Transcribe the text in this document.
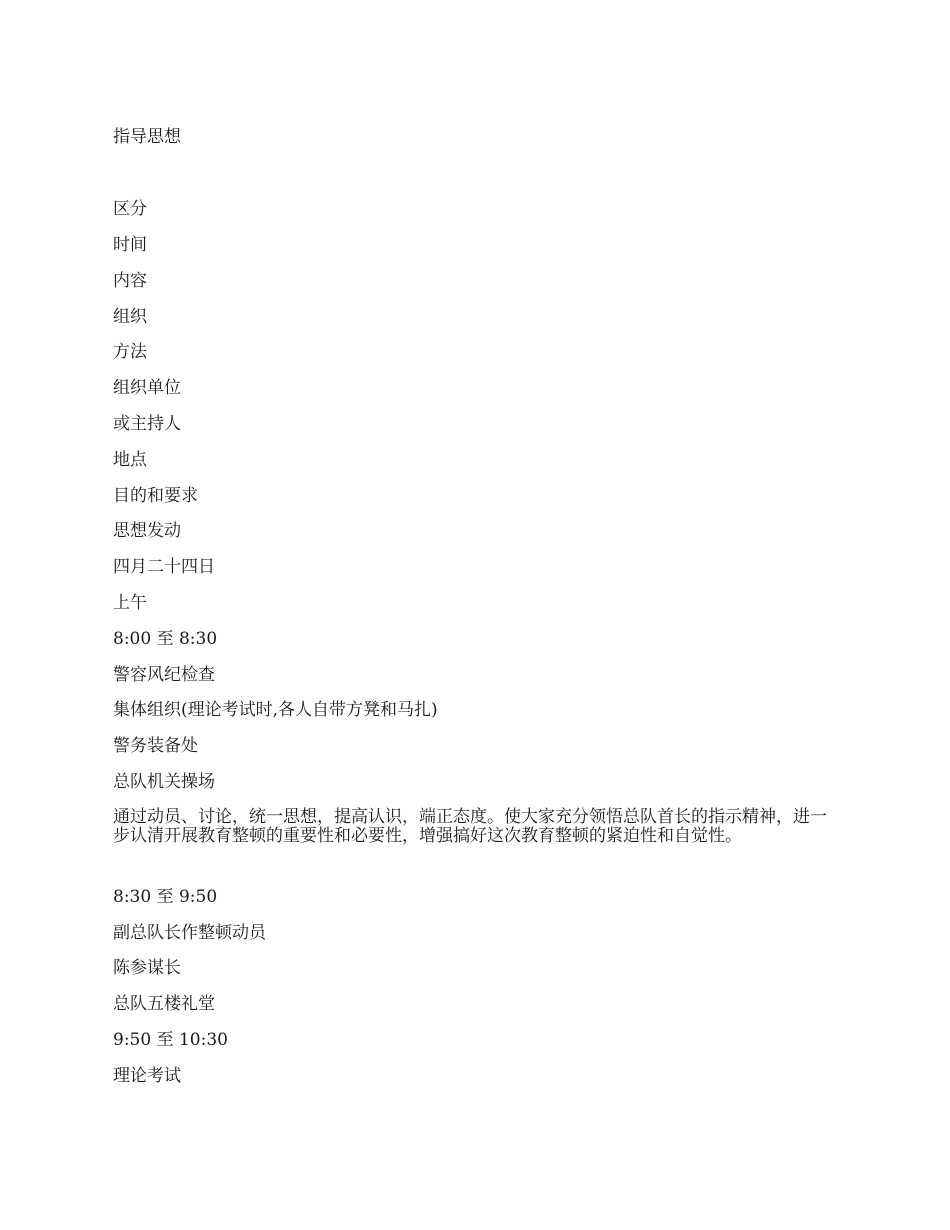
指导思想
区分
时间
内容
组织
方法
组织单位
或主持人
地点
目的和要求
思想发动
四月二十四日
上午
8:00 至 8:30
警容风纪检查
集体组织(理论考试时,各人自带方凳和马扎)
警务装备处
总队机关操场
通过动员、讨论，统一思想，提高认识，端正态度。使大家充分领悟总队首长的指示精神，进一步认清开展教育整顿的重要性和必要性，增强搞好这次教育整顿的紧迫性和自觉性。
8:30 至 9:50
副总队长作整顿动员
陈参谋长
总队五楼礼堂
9:50 至 10:30
理论考试
